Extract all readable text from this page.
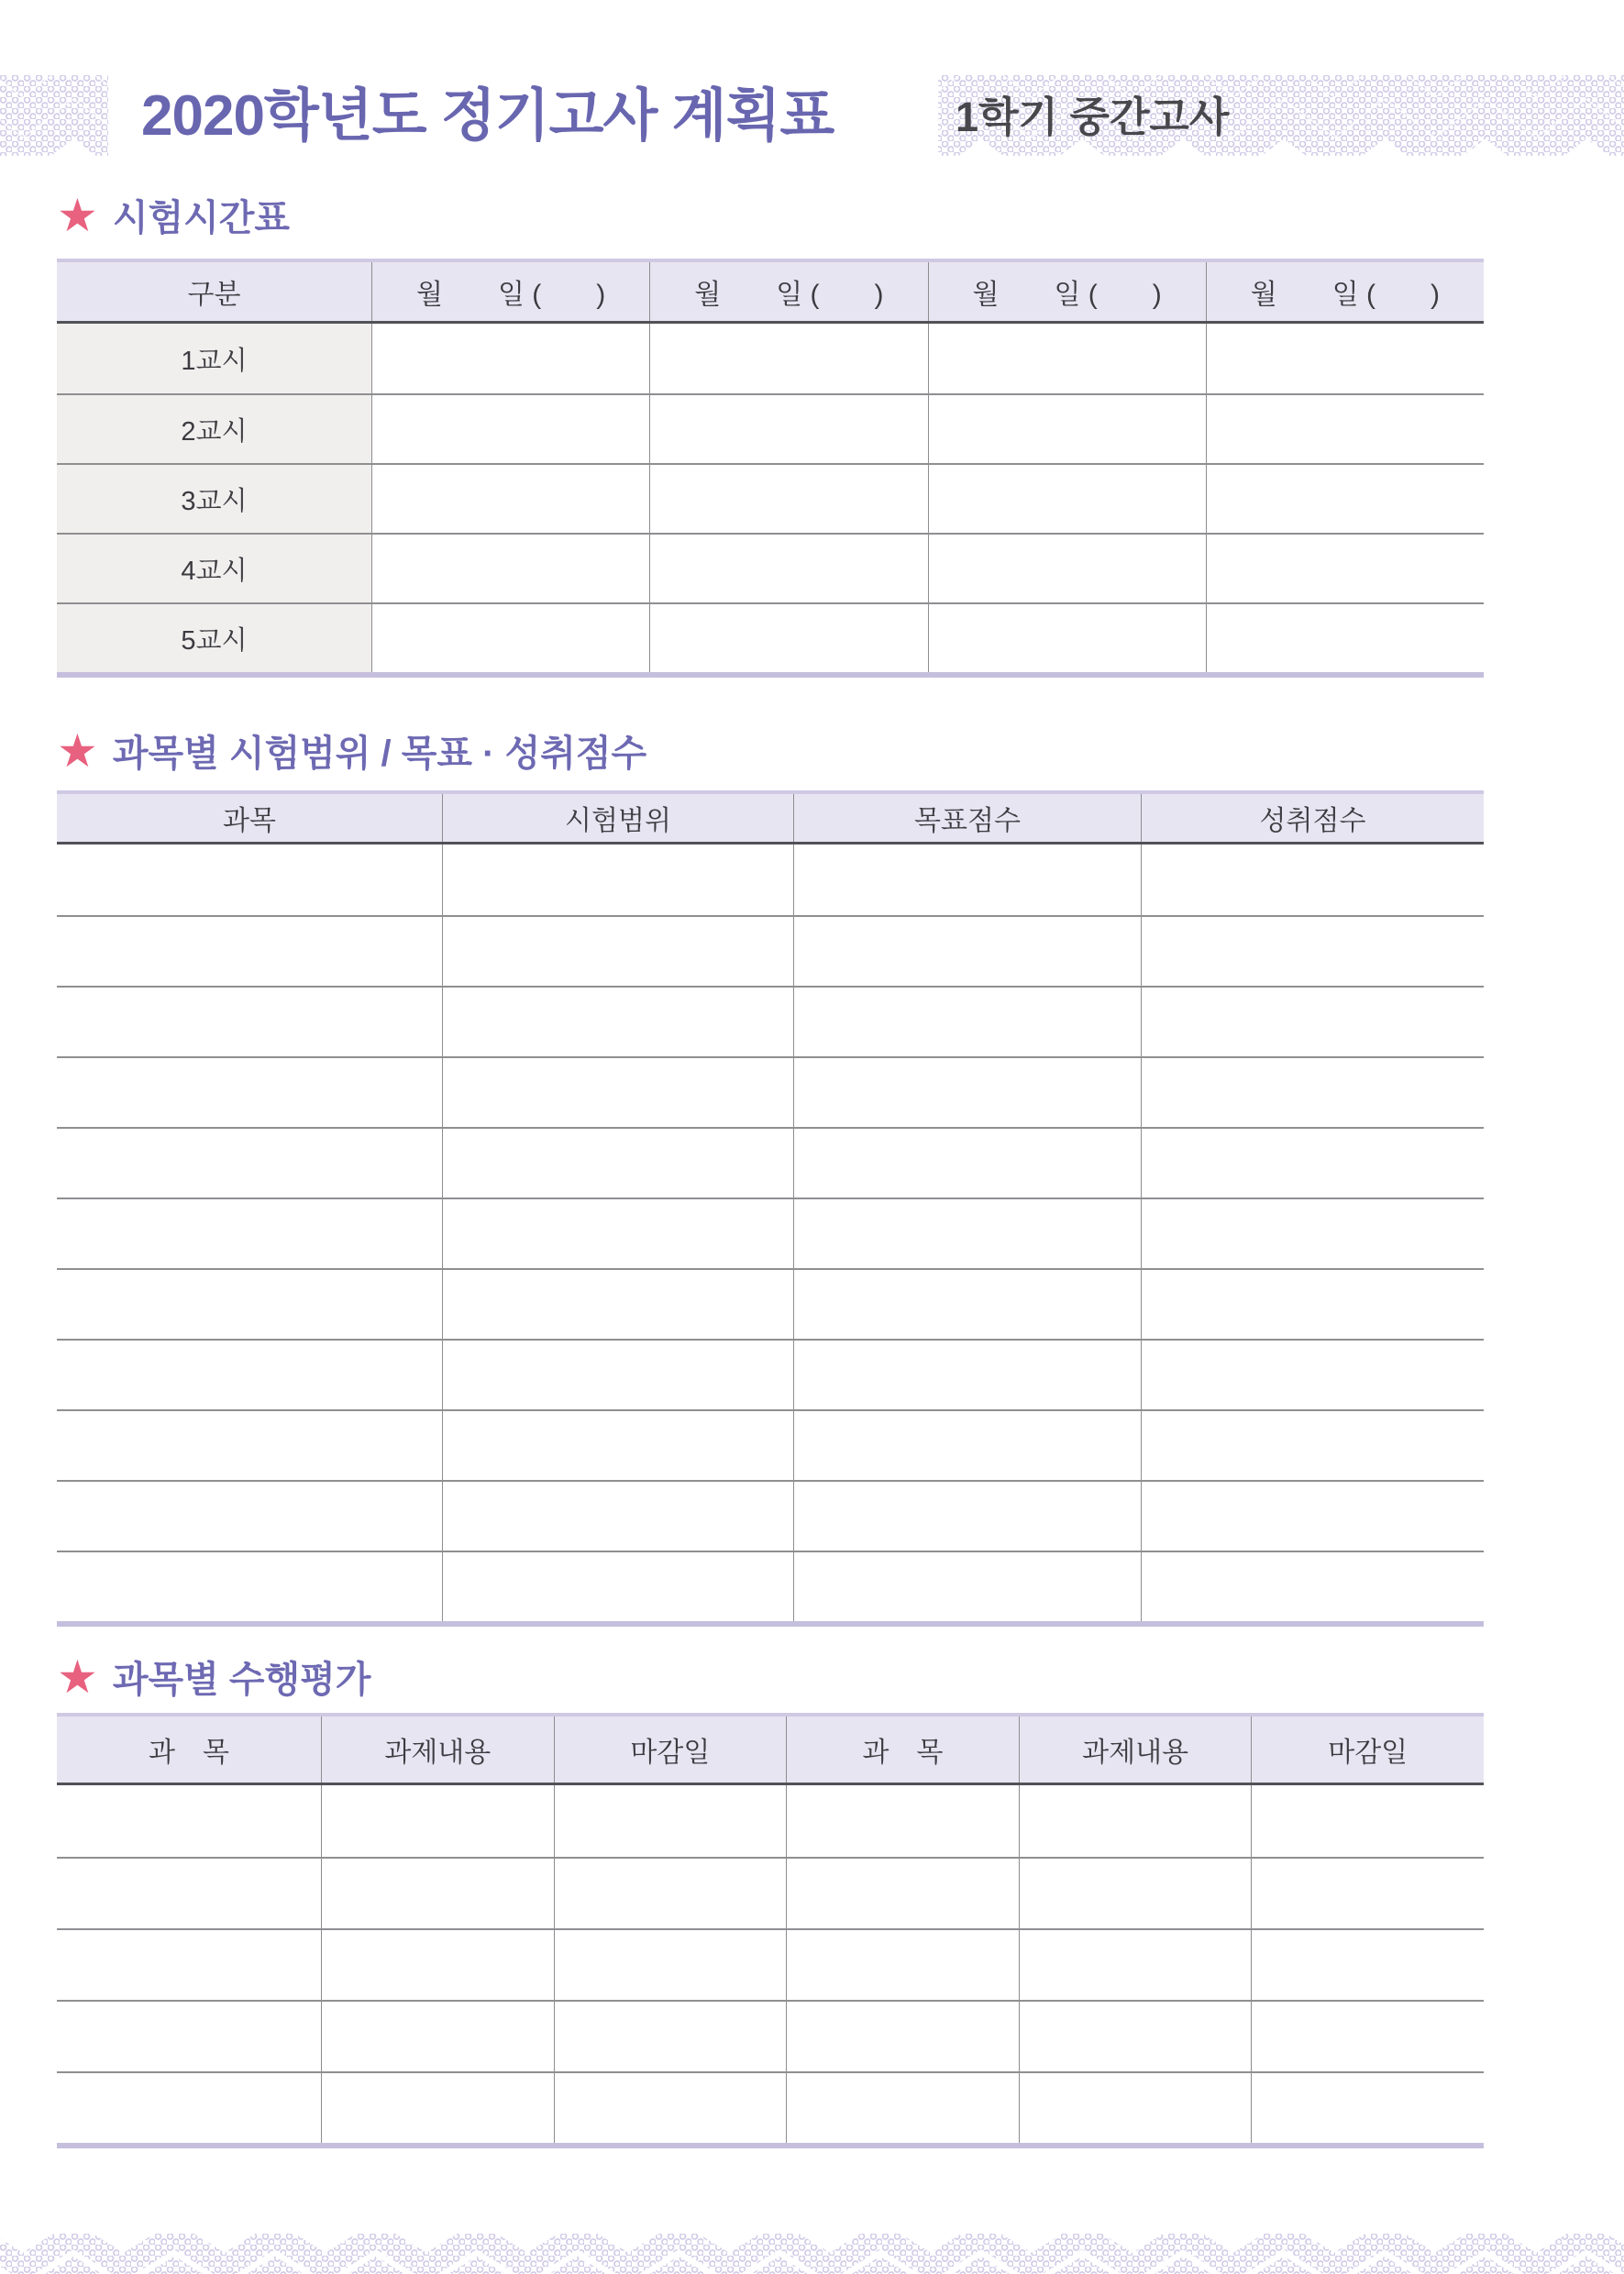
2020학년도 정기고사 계획표	1학기 중간고사
★ 시험시간표
구분	월　　일 (　　)	월　　일 (　　)	월　　일 (　　)	월　　일 (　　)
1교시
2교시
3교시
4교시
5교시
★ 과목별 시험범위 / 목표 · 성취점수
과목	시험범위	목표점수	성취점수
★ 과목별 수행평가
과　목	과제내용	마감일	과　목	과제내용	마감일
